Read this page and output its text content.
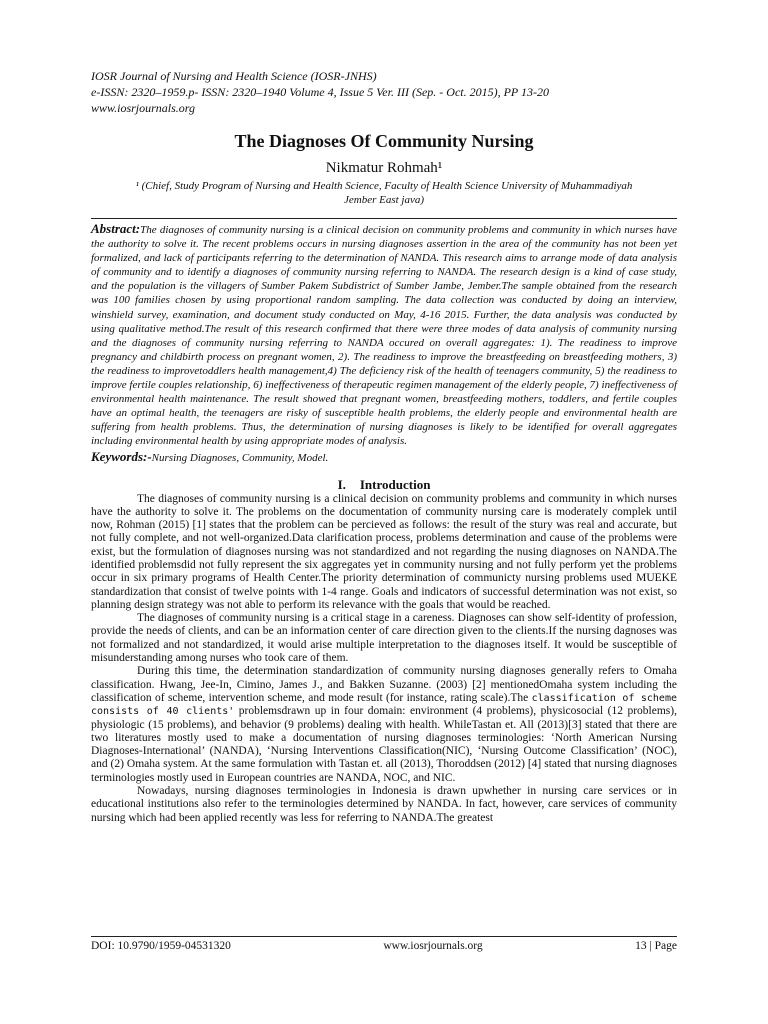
IOSR Journal of Nursing and Health Science (IOSR-JNHS)
e-ISSN: 2320–1959.p- ISSN: 2320–1940 Volume 4, Issue 5 Ver. III (Sep. - Oct. 2015), PP 13-20
www.iosrjournals.org
The Diagnoses Of Community Nursing
Nikmatur Rohmah¹
¹ (Chief, Study Program of Nursing and Health Science, Faculty of Health Science University of Muhammadiyah Jember East java)
Abstract:The diagnoses of community nursing is a clinical decision on community problems and community in which nurses have the authority to solve it. The recent problems occurs in nursing diagnoses assertion in the area of the community has not been yet formalized, and lack of participants referring to the determination of NANDA. This research aims to arrange mode of data analysis of community and to identify a diagnoses of community nursing referring to NANDA. The research design is a kind of case study, and the population is the villagers of Sumber Pakem Subdistrict of Sumber Jambe, Jember.The sample obtained from the research was 100 families chosen by using proportional random sampling. The data collection was conducted by doing an interview, winshield survey, examination, and document study conducted on May, 4-16 2015. Further, the data analysis was conducted by using qualitative method.The result of this research confirmed that there were three modes of data analysis of community nursing and the diagnoses of community nursing referring to NANDA occured on overall aggregates: 1). The readiness to improve pregnancy and childbirth process on pregnant women, 2). The readiness to improve the breastfeeding on breastfeeding mothers, 3) the readiness to improvetoddlers health management,4) The deficiency risk of the health of teenagers community, 5) the readiness to improve fertile couples relationship, 6) ineffectiveness of therapeutic regimen management of the elderly people, 7) ineffectiveness of environmental health maintenance. The result showed that pregnant women, breastfeeding mothers, toddlers, and fertile couples have an optimal health, the teenagers are risky of susceptible health problems, the elderly people and environmental health are suffering from health problems. Thus, the determination of nursing diagnoses is likely to be identified for overall aggregates including environmental health by using appropriate modes of analysis.
Keywords:-Nursing Diagnoses, Community, Model.
I. Introduction

The diagnoses of community nursing is a clinical decision on community problems and community in which nurses have the authority to solve it. The problems on the documentation of community nursing care is moderately complek until now, Rohman (2015) [1] states that the problem can be percieved as follows: the result of the stury was real and accurate, but not fully complete, and not well-organized.Data clarification process, problems determination and cause of the problems were exist, but the formulation of diagnoses nursing was not standardized and not regarding the nusing diagnoses on NANDA.The identified problemsdid not fully represent the six aggregates yet in community nursing and not fully perform yet the problems occur in six primary programs of Health Center.The priority determination of communicty nursing problems used MUEKE standardization that consist of twelve points with 1-4 range. Goals and indicators of successful determination was not exist, so planning design strategy was not able to perform its relevance with the goals that would be reached.

The diagnoses of community nursing is a critical stage in a careness. Diagnoses can show self-identity of profession, provide the needs of clients, and can be an information center of care direction given to the clients.If the nursing dagnoses was not formalized and not standardized, it would arise multiple interpretation to the diagnoses itself. It would be susceptible of misunderstanding among nurses who took care of them.

During this time, the determination standardization of community nursing diagnoses generally refers to Omaha classification. Hwang, Jee-In, Cimino, James J., and Bakken Suzanne. (2003) [2] mentionedOmaha system including the classification of scheme, intervention scheme, and mode result (for instance, rating scale).The classification of scheme consists of 40 clients' problemsdrawn up in four domain: environment (4 problems), physicosocial (12 problems), physiologic (15 problems), and behavior (9 problems) dealing with health. WhileTastan et. All (2013)[3] stated that there are two literatures mostly used to make a documentation of nursing diagnoses terminologies: ‘North American Nursing Diagnoses-International’ (NANDA), ‘Nursing Interventions Classification(NIC), ‘Nursing Outcome Classification’ (NOC), and (2) Omaha system. At the same formulation with Tastan et. all (2013), Thoroddsen (2012) [4] stated that nursing diagnoses terminologies mostly used in European countries are NANDA, NOC, and NIC.

Nowadays, nursing diagnoses terminologies in Indonesia is drawn upwhether in nursing care services or in educational institutions also refer to the terminologies determined by NANDA. In fact, however, care services of community nursing which had been applied recently was less for referring to NANDA.The greatest

DOI: 10.9790/1959-04531320	www.iosrjournals.org	13 | Page
